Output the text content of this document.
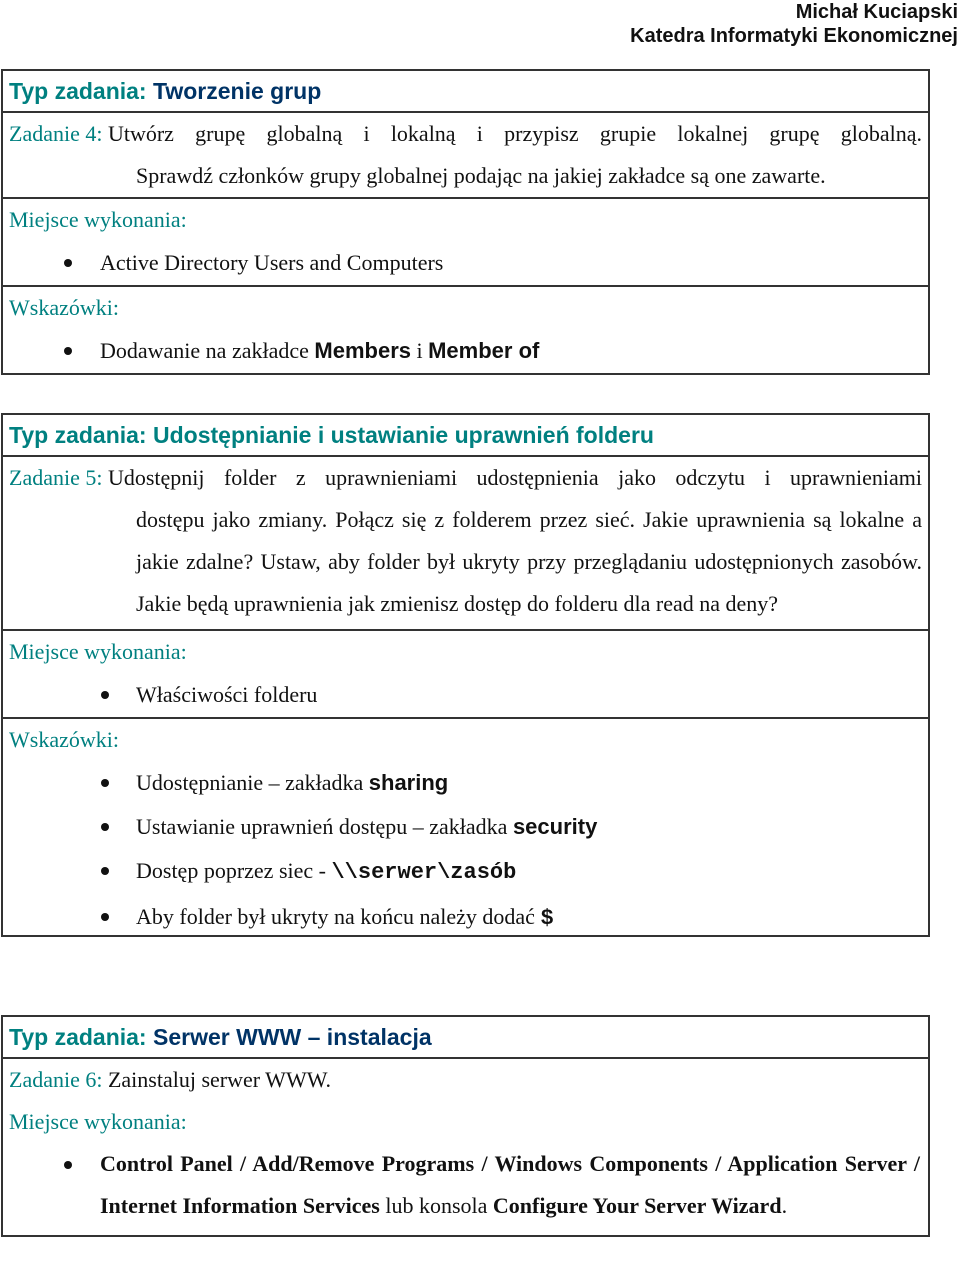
Michał Kuciapski
Katedra Informatyki Ekonomicznej
Typ zadania:
Tworzenie grup
Zadanie 4:
Utwórz grupę globalną i lokalną i przypisz grupie lokalnej grupę globalną.
Sprawdź członków grupy globalnej podając na jakiej zakładce są one zawarte.
Miejsce wykonania:
Active Directory Users and Computers
Wskazówki:
Dodawanie na zakładce Members i Member of
Typ zadania:
Udostępnianie i ustawianie uprawnień folderu
Zadanie 5:
Udostępnij folder z uprawnieniami udostępnienia jako odczytu i uprawnieniami
dostępu jako zmiany. Połącz się z folderem przez sieć. Jakie uprawnienia są lokalne a jakie zdalne? Ustaw, aby folder był ukryty przy przeglądaniu udostępnionych zasobów. Jakie będą uprawnienia jak zmienisz dostęp do folderu dla read na deny?
Miejsce wykonania:
Właściwości folderu
Wskazówki:
Udostępnianie – zakładka sharing
Ustawianie uprawnień dostępu – zakładka security
Dostęp poprzez siec - \\serwer\zasób
Aby folder był ukryty na końcu należy dodać $
Typ zadania:
Serwer WWW – instalacja
Zadanie 6: Zainstaluj serwer WWW.
Miejsce wykonania:
Control Panel / Add/Remove Programs / Windows Components / Application Server / Internet Information Services lub konsola Configure Your Server Wizard.
